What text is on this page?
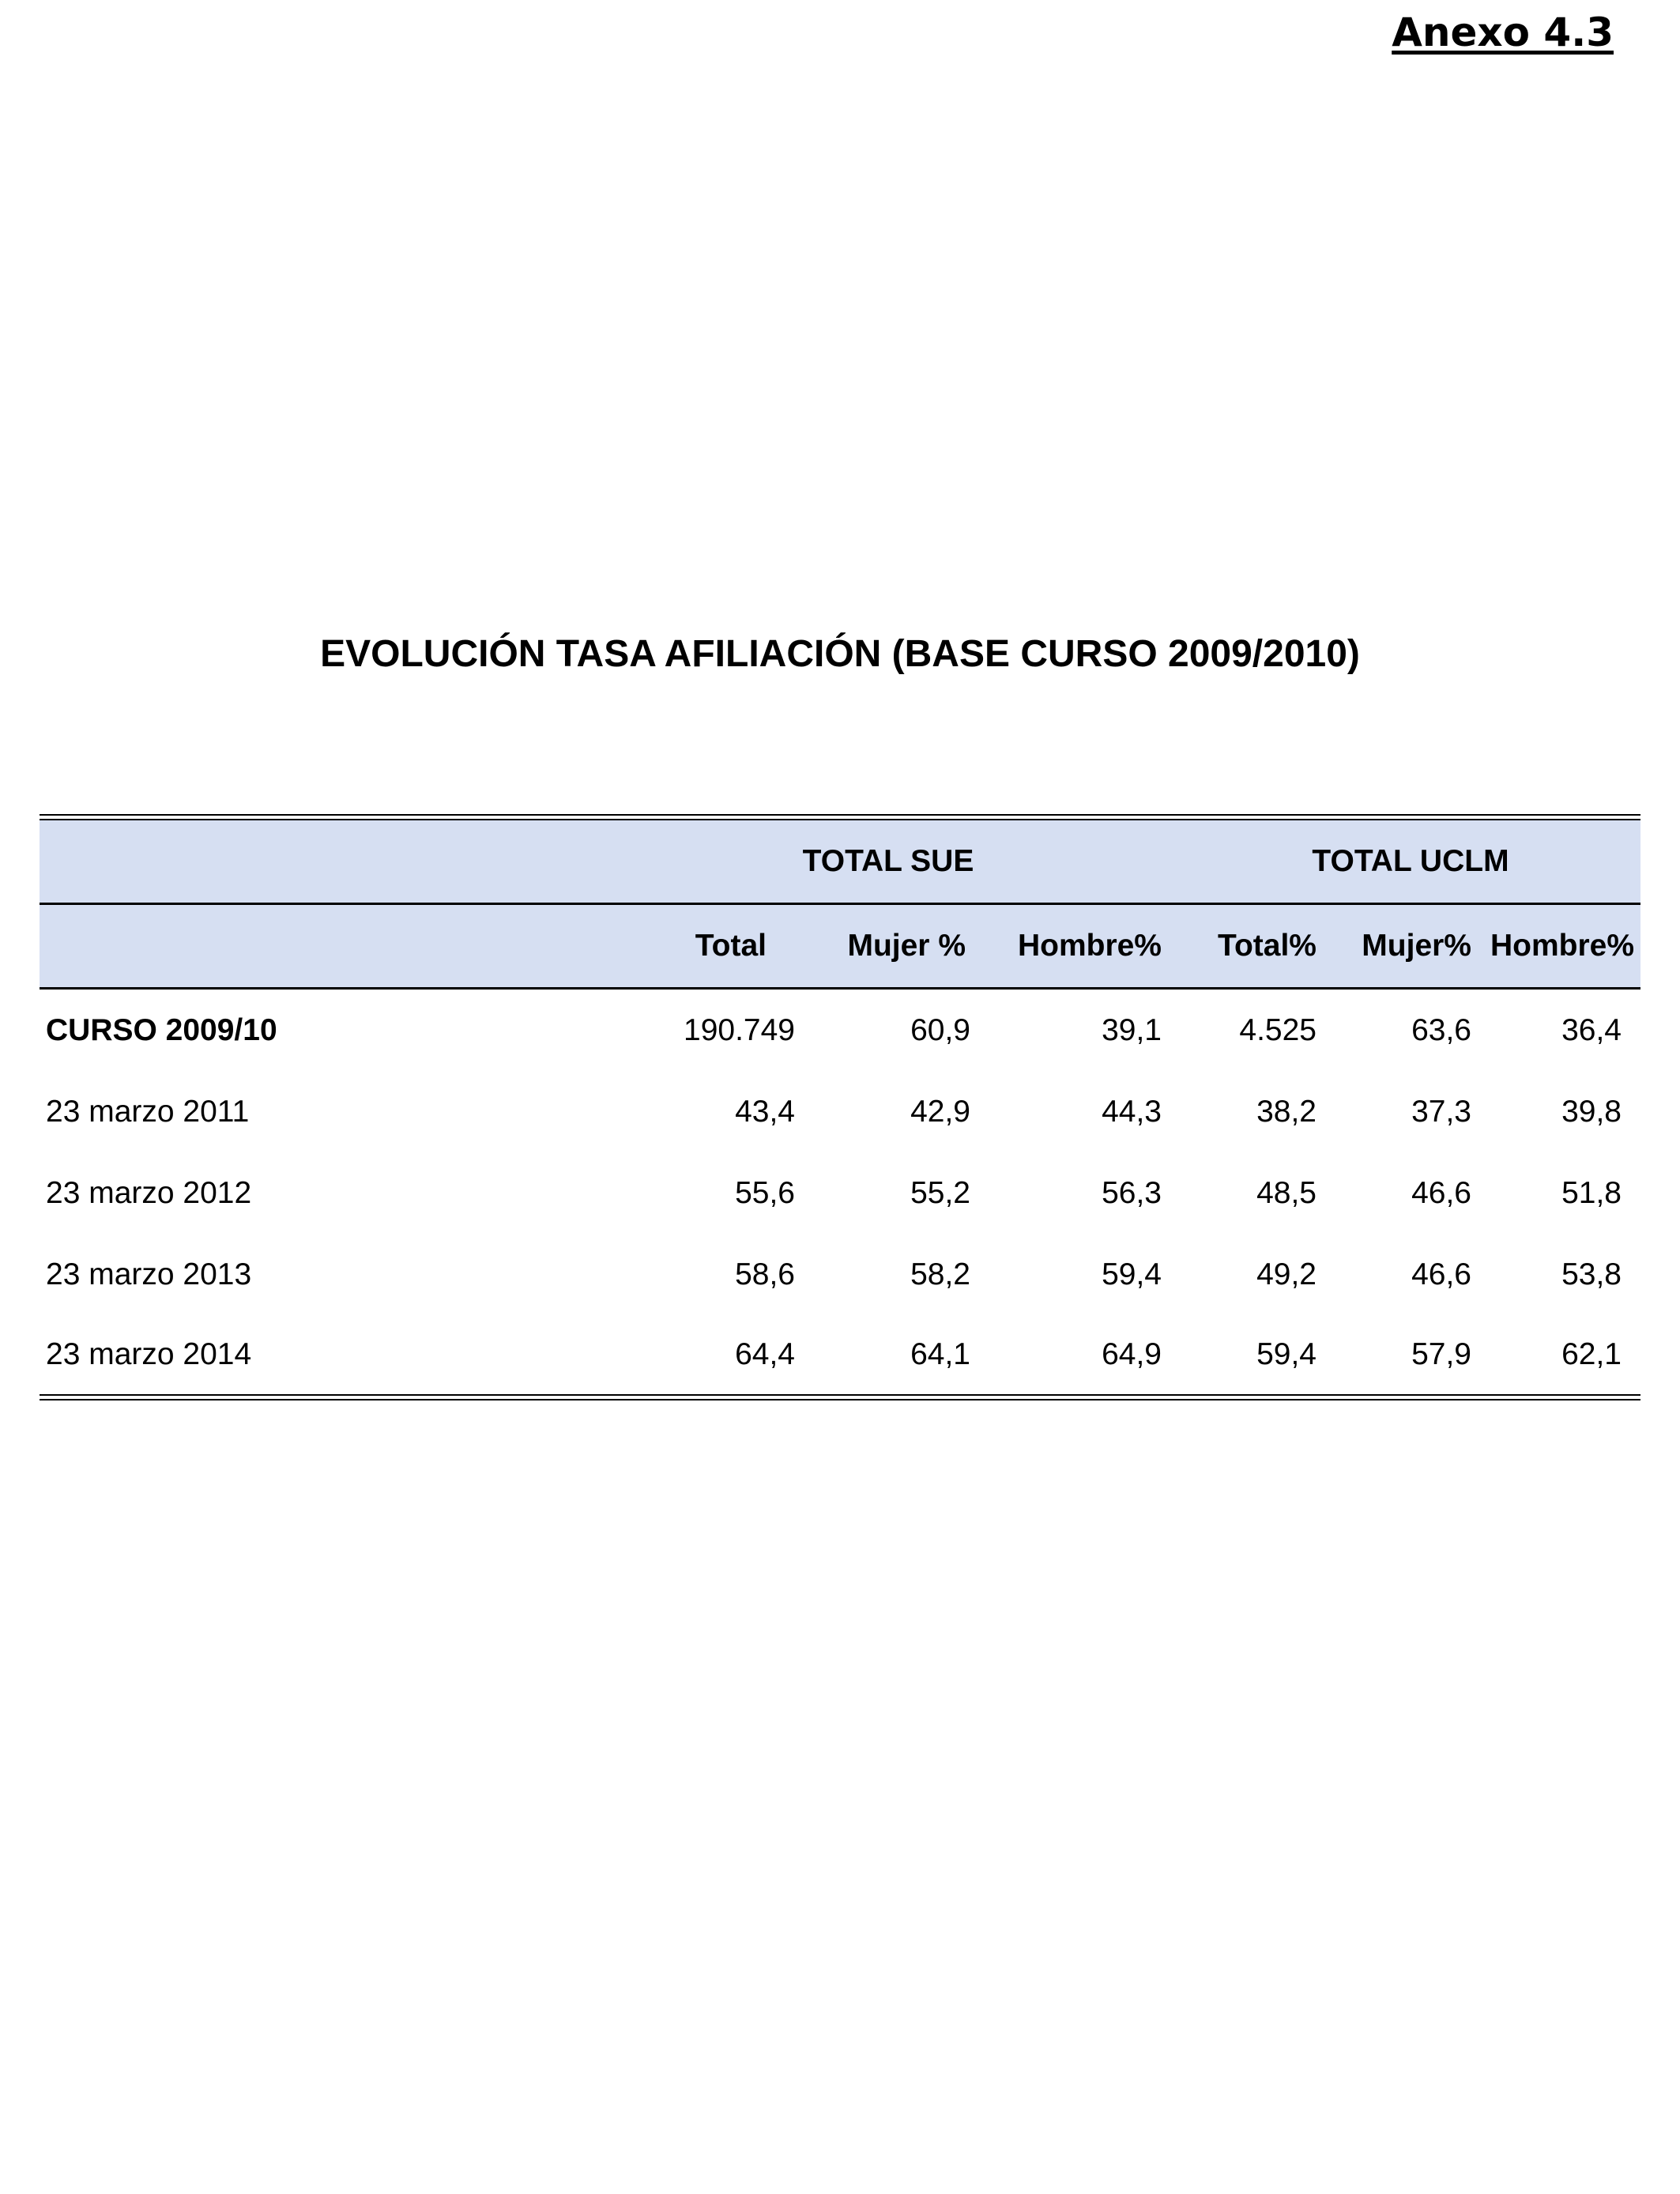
Anexo 4.3
EVOLUCIÓN TASA AFILIACIÓN (BASE CURSO 2009/2010)
	TOTAL SUE			TOTAL UCLM		
	Total	Mujer %	Hombre%	Total%	Mujer%	Hombre%
CURSO 2009/10	190.749	60,9	39,1	4.525	63,6	36,4
23 marzo 2011	43,4	42,9	44,3	38,2	37,3	39,8
23 marzo 2012	55,6	55,2	56,3	48,5	46,6	51,8
23 marzo 2013	58,6	58,2	59,4	49,2	46,6	53,8
23 marzo 2014	64,4	64,1	64,9	59,4	57,9	62,1
